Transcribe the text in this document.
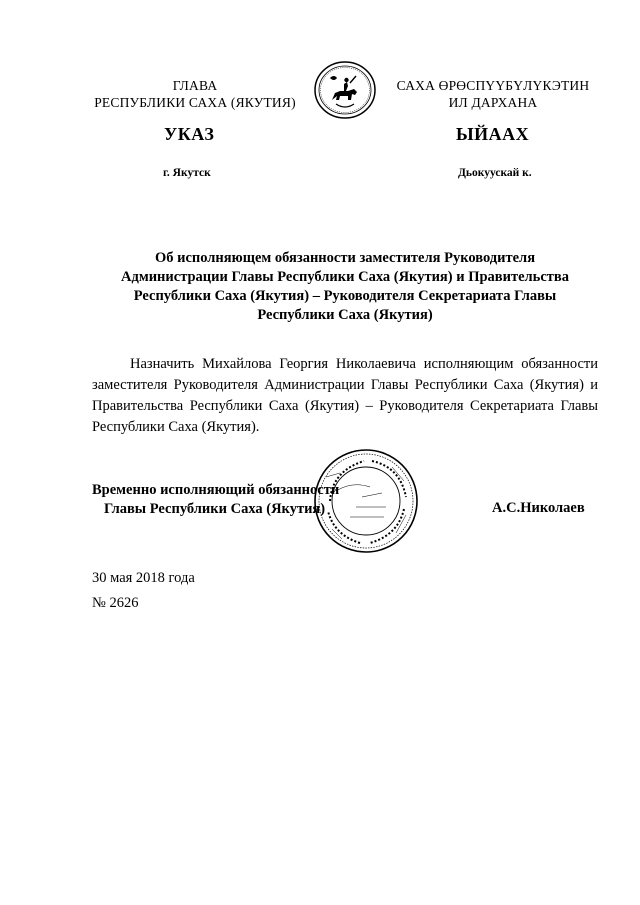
ГЛАВА
РЕСПУБЛИКИ САХА (ЯКУТИЯ)
САХА ӨРӨСПҮҮБҮЛҮКЭТИН
ИЛ ДАРХАНА
УКАЗ	ЫЙААХ
г. Якутск	Дьокуускай к.
Об исполняющем обязанности заместителя Руководителя
Администрации Главы Республики Саха (Якутия) и Правительства
Республики Саха (Якутия) – Руководителя Секретариата Главы
Республики Саха (Якутия)
Назначить Михайлова Георгия Николаевича исполняющим обязанности заместителя Руководителя Администрации Главы Республики Саха (Якутия) и Правительства Республики Саха (Якутия) – Руководителя Секретариата Главы Республики Саха (Якутия).
Временно исполняющий обязанности
Главы Республики Саха (Якутия)	А.С.Николаев
30 мая 2018 года
№ 2626
